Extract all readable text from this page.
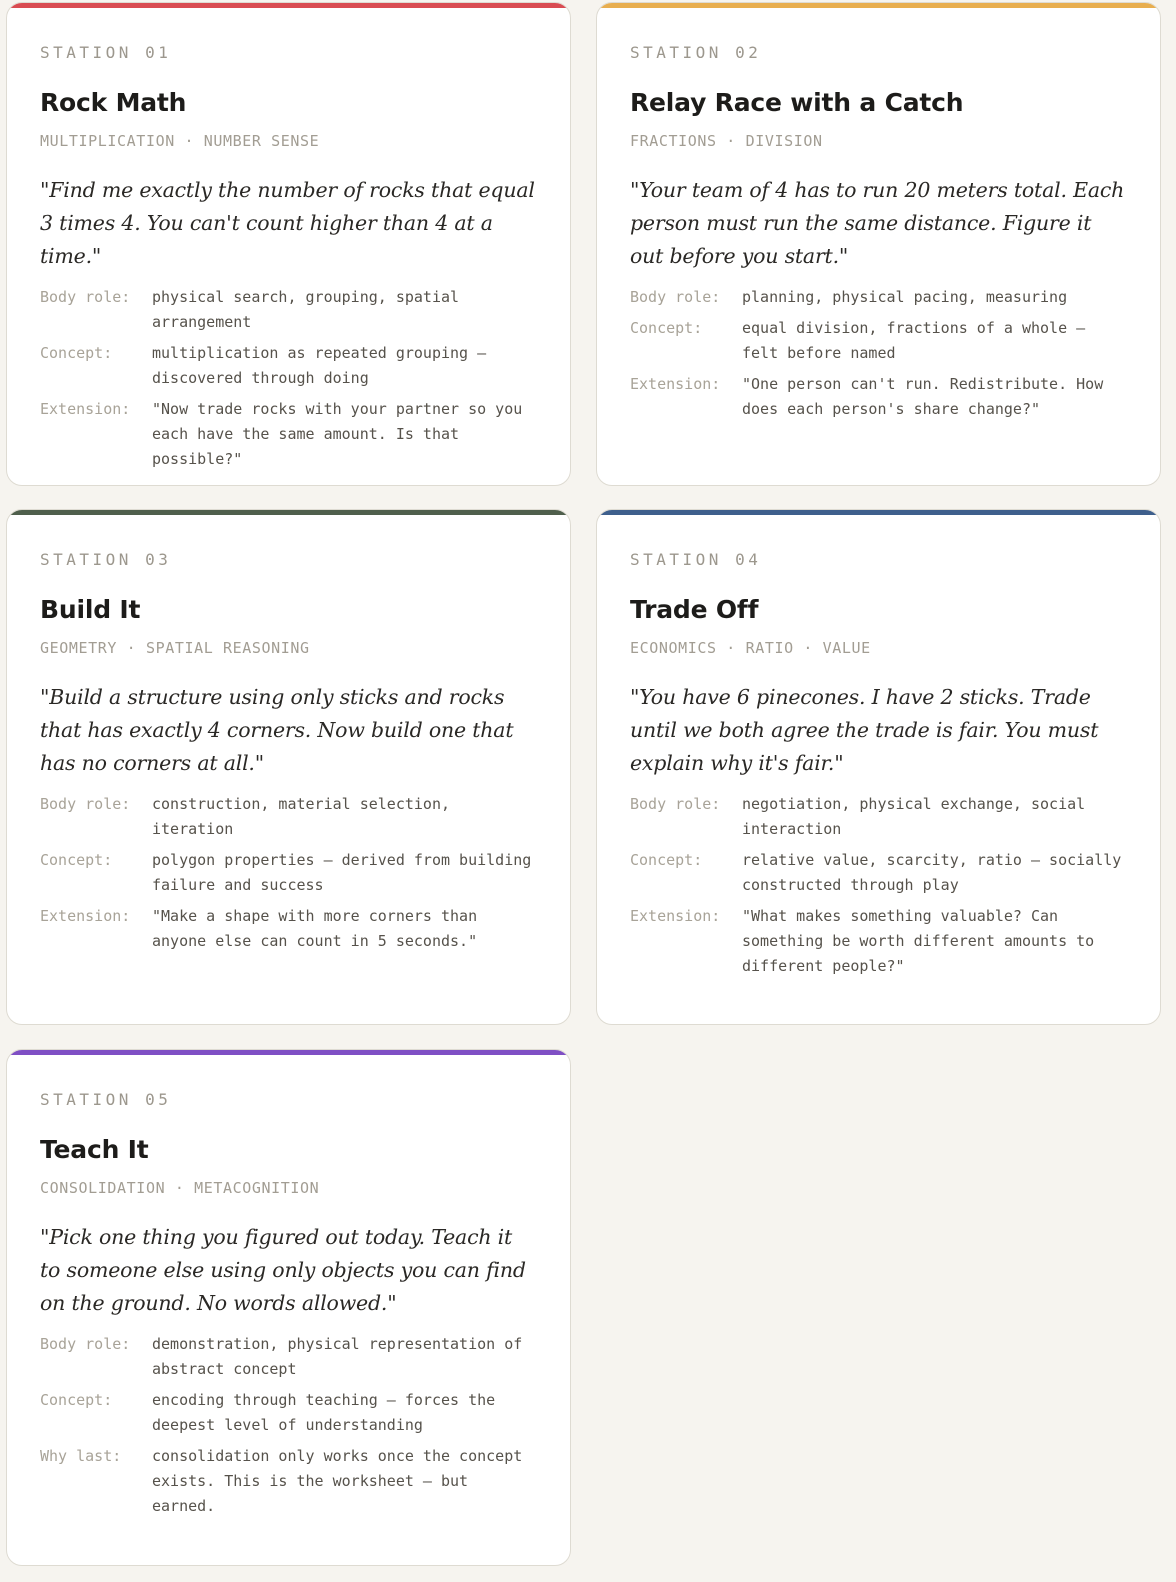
STATION 01
Rock Math
MULTIPLICATION · NUMBER SENSE
"Find me exactly the number of rocks that equal 3 times 4. You can't count higher than 4 at a time."
Body role:	physical search, grouping, spatial arrangement
Concept:	multiplication as repeated grouping — discovered through doing
Extension:	"Now trade rocks with your partner so you each have the same amount. Is that possible?"
STATION 02
Relay Race with a Catch
FRACTIONS · DIVISION
"Your team of 4 has to run 20 meters total. Each person must run the same distance. Figure it out before you start."
Body role:	planning, physical pacing, measuring
Concept:	equal division, fractions of a whole — felt before named
Extension:	"One person can't run. Redistribute. How does each person's share change?"
STATION 03
Build It
GEOMETRY · SPATIAL REASONING
"Build a structure using only sticks and rocks that has exactly 4 corners. Now build one that has no corners at all."
Body role:	construction, material selection, iteration
Concept:	polygon properties — derived from building failure and success
Extension:	"Make a shape with more corners than anyone else can count in 5 seconds."
STATION 04
Trade Off
ECONOMICS · RATIO · VALUE
"You have 6 pinecones. I have 2 sticks. Trade until we both agree the trade is fair. You must explain why it's fair."
Body role:	negotiation, physical exchange, social interaction
Concept:	relative value, scarcity, ratio — socially constructed through play
Extension:	"What makes something valuable? Can something be worth different amounts to different people?"
STATION 05
Teach It
CONSOLIDATION · METACOGNITION
"Pick one thing you figured out today. Teach it to someone else using only objects you can find on the ground. No words allowed."
Body role:	demonstration, physical representation of abstract concept
Concept:	encoding through teaching — forces the deepest level of understanding
Why last:	consolidation only works once the concept exists. This is the worksheet — but earned.
